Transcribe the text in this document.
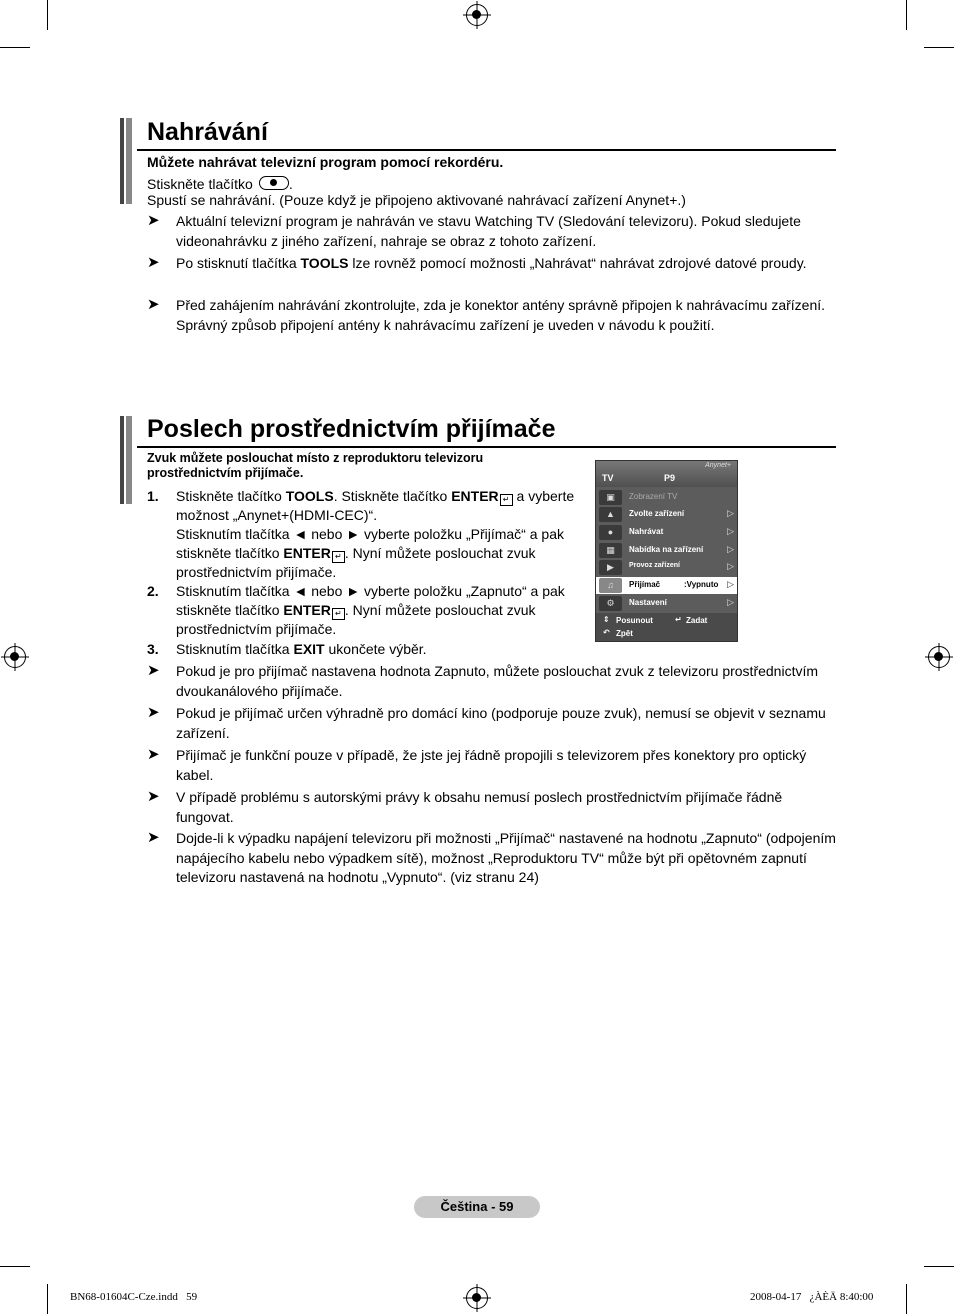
Nahrávání
Můžete nahrávat televizní program pomocí rekordéru.
Stiskněte tlačítko	.
Spustí se nahrávání. (Pouze když je připojeno aktivované nahrávací zařízení Anynet+.)
➤ Aktuální televizní program je nahráván ve stavu Watching TV (Sledování televizoru). Pokud sledujete videonahrávku z jiného zařízení, nahraje se obraz z tohoto zařízení.
➤ Po stisknutí tlačítka TOOLS lze rovněž pomocí možnosti „Nahrávat“ nahrávat zdrojové datové proudy.
➤ Před zahájením nahrávání zkontrolujte, zda je konektor antény správně připojen k nahrávacímu zařízení. Správný způsob připojení antény k nahrávacímu zařízení je uveden v návodu k použití.
Poslech prostřednictvím přijímače
Zvuk můžete poslouchat místo z reproduktoru televizoru prostřednictvím přijímače.
1. Stiskněte tlačítko TOOLS. Stiskněte tlačítko ENTER ↵ a vyberte možnost „Anynet+(HDMI-CEC)“.
Stisknutím tlačítka ◄ nebo ► vyberte položku „Přijímač“ a pak stiskněte tlačítko ENTER ↵ . Nyní můžete poslouchat zvuk prostřednictvím přijímače.
2. Stisknutím tlačítka ◄ nebo ► vyberte položku „Zapnuto“ a pak stiskněte tlačítko ENTER ↵ . Nyní můžete poslouchat zvuk prostřednictvím přijímače.
3. Stisknutím tlačítka EXIT ukončete výběr.
➤ Pokud je pro přijímač nastavena hodnota Zapnuto, můžete poslouchat zvuk z televizoru prostřednictvím dvoukanálového přijímače.
➤ Pokud je přijímač určen výhradně pro domácí kino (podporuje pouze zvuk), nemusí se objevit v seznamu zařízení.
➤ Přijímač je funkční pouze v případě, že jste jej řádně propojili s televizorem přes konektory pro optický kabel.
➤ V případě problému s autorskými právy k obsahu nemusí poslech prostřednictvím přijímače řádně fungovat.
➤ Dojde-li k výpadku napájení televizoru při možnosti „Přijímač“ nastavené na hodnotu „Zapnuto“ (odpojením napájecího kabelu nebo výpadkem sítě), možnost „Reproduktoru TV“ může být při opětovném zapnutí televizoru nastavená na hodnotu „Vypnuto“. (viz stranu 24)
TV	P9
Anynet+
▣	Zobrazení TV
▲	Zvolte zařízení	▷
●	Nahrávat	▷
▦	Nabídka na zařízení	▷
▶	Provoz zařízení	▷
♫	Přijímač	:Vypnuto ▷
⚙	Nastavení	▷
⇕ Posunout	↵ Zadat
↶ Zpět
Čeština - 59
BN68-01604C-Cze.indd   59	2008-04-17   ¿ÀÈÄ 8:40:00
